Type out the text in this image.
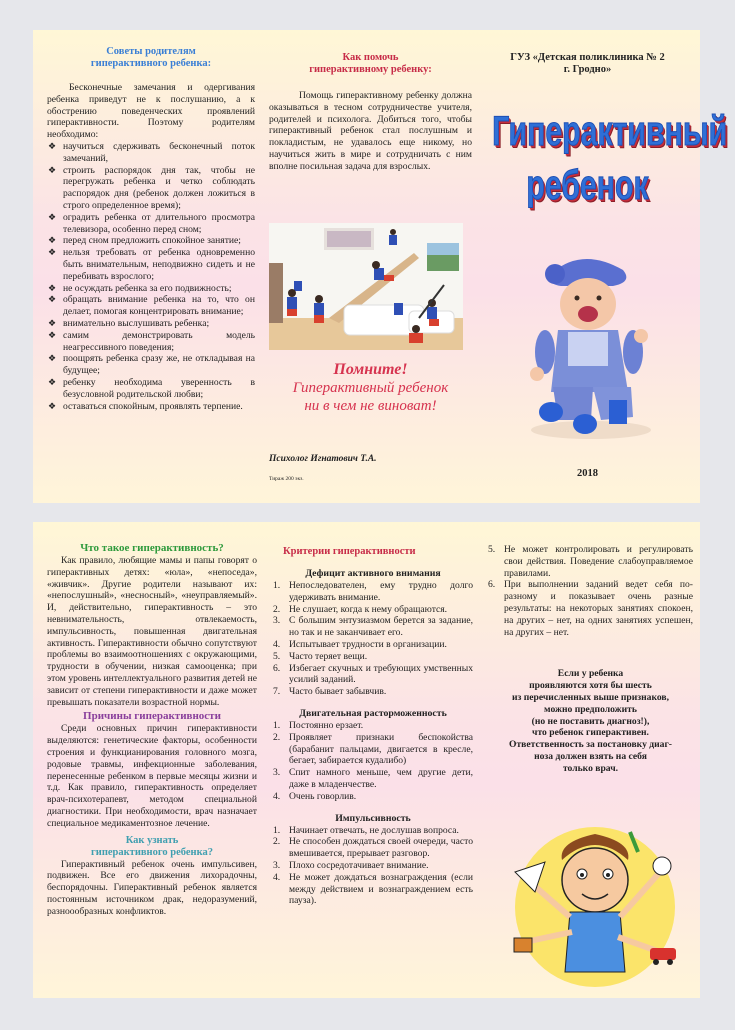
Советы родителям
гиперактивного ребенка:

Бесконечные замечания и одергивания ребенка приведут не к послушанию, а к обострению поведенческих проявлений гиперактивности. Поэтому родителям необходимо:

❖ научиться сдерживать бесконечный поток замечаний,
❖ строить распорядок дня так, чтобы не перегружать ребенка и четко соблюдать распорядок дня (ребенок должен ложиться в строго определенное время);
❖ оградить ребенка от длительного просмотра телевизора, особенно перед сном;
❖ перед сном предложить спокойное занятие;
❖ нельзя требовать от ребенка одновременно быть внимательным, неподвижно сидеть и не перебивать взрослого;
❖ не осуждать ребенка за его подвижность;
❖ обращать внимание ребенка на то, что он делает, помогая концентрировать внимание;
❖ внимательно выслушивать ребенка;
❖ самим демонстрировать модель неагрессивного поведения;
❖ поощрять ребенка сразу же, не откладывая на будущее;
❖ ребенку необходима уверенность в безусловной родительской любви;
❖ оставаться спокойным, проявлять терпение.
Как помочь
гиперактивному ребенку:

Помощь гиперактивному ребенку должна оказываться в тесном сотрудничестве учителя, родителей и психолога. Добиться того, чтобы гиперактивный ребенок стал послушным и покладистым, не удавалось еще никому, но научиться жить в мире и сотрудничать с ним вполне посильная задача для взрослых.

Помните!
Гиперактивный ребенок
ни в чем не виноват!
Психолог Игнатович Т.А.
Тираж 200 экз.
ГУЗ «Детская поликлиника № 2
г. Гродно»
Гиперактивный
ребенок
2018
Что такое гиперактивность?

Как правило, любящие мамы и папы говорят о гиперактивных детях: «юла», «непоседа», «живчик». Другие родители называют их: «непослушный», «несносный», «неуправляемый». И, действительно, гиперактивность – это невнимательность, отвлекаемость, импульсивность, повышенная двигательная активность. Гиперактивности обычно сопутствуют проблемы во взаимоотношениях с окружающими, трудности в обучении, низкая самооценка; при этом уровень интеллектуального развития детей не зависит от степени гиперактивности и даже может превышать показатели возрастной нормы.

Причины гиперактивности

Среди основных причин гиперактивности выделяются: генетические факторы, особенности строения и функцианирования головного мозга, родовые травмы, инфекционные заболевания, перенесенные ребенком в первые месяцы жизни и т.д. Как правило, гиперактивность определяет врач-психотерапевт, методом специальной диагностики. При необходимости, врач назначает специальное медикаментозное лечение.

Как узнать
гиперактивного ребенка?

Гиперактивный ребенок очень импульсивен, подвижен. Все его движения лихорадочны, беспорядочны. Гиперактивный ребенок является постоянным источником драк, недоразумений, разноообразных конфликтов.

Критерии гиперактивности
Дефицит активного внимания
1. Непоследователен, ему трудно долго удерживать внимание.
2. Не слушает, когда к нему обращаются.
3. С большим энтузиазмом берется за задание, но так и не заканчивает его.
4. Испытывает трудности в организации.
5. Часто теряет вещи.
6. Избегает скучных и требующих умственных усилий заданий.
7. Часто бывает забывчив.
Двигательная расторможенность
1. Постоянно ерзает.
2. Проявляет признаки беспокойства (барабанит пальцами, двигается в кресле, бегает, забирается кудалибо)
3. Спит намного меньше, чем другие дети, даже в младенчестве.
4. Очень говорлив.
Импульсивность
1. Начинает отвечать, не дослушав вопроса.
2. Не способен дождаться своей очереди, часто вмешивается, прерывает разговор.
3. Плохо сосредотачивает внимание.
4. Не может дождаться вознаграждения (если между действием и вознаграждением есть пауза).
5. Не может контролировать и регулировать свои действия. Поведение слабоуправляемое правилами.
6. При выполнении заданий ведет себя по-разному и показывает очень разные результаты: на некоторых занятиях спокоен, на других – нет, на одних занятиях успешен, на других – нет.
Если у ребенка
проявляются хотя бы шесть
из перечисленных выше признаков,
можно предположить
(но не поставить диагноз!),
что ребенок гиперактивен.
Ответственность за постановку диаг-
ноза должен взять на себя
только врач.
